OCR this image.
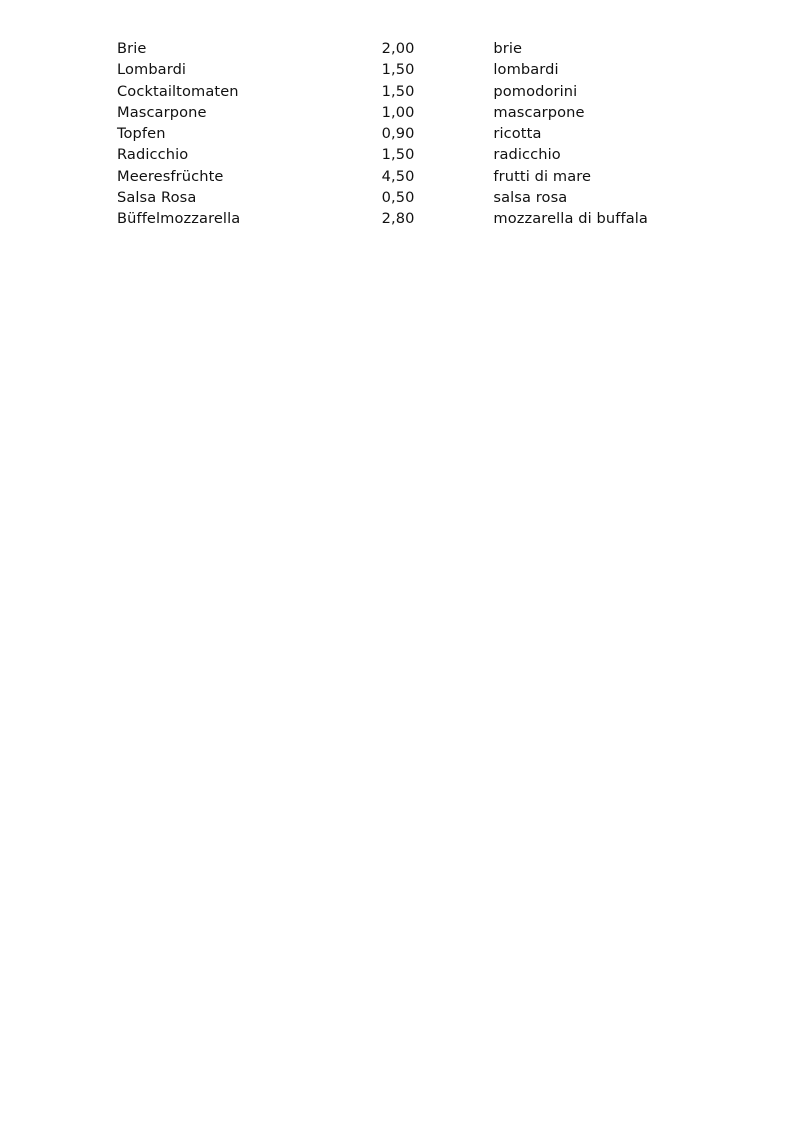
Brie	2,00	brie
Lombardi	1,50	lombardi
Cocktailtomaten	1,50	pomodorini
Mascarpone	1,00	mascarpone
Topfen	0,90	ricotta
Radicchio	1,50	radicchio
Meeresfrüchte	4,50	frutti di mare
Salsa Rosa	0,50	salsa rosa
Büffelmozzarella	2,80	mozzarella di buffala
